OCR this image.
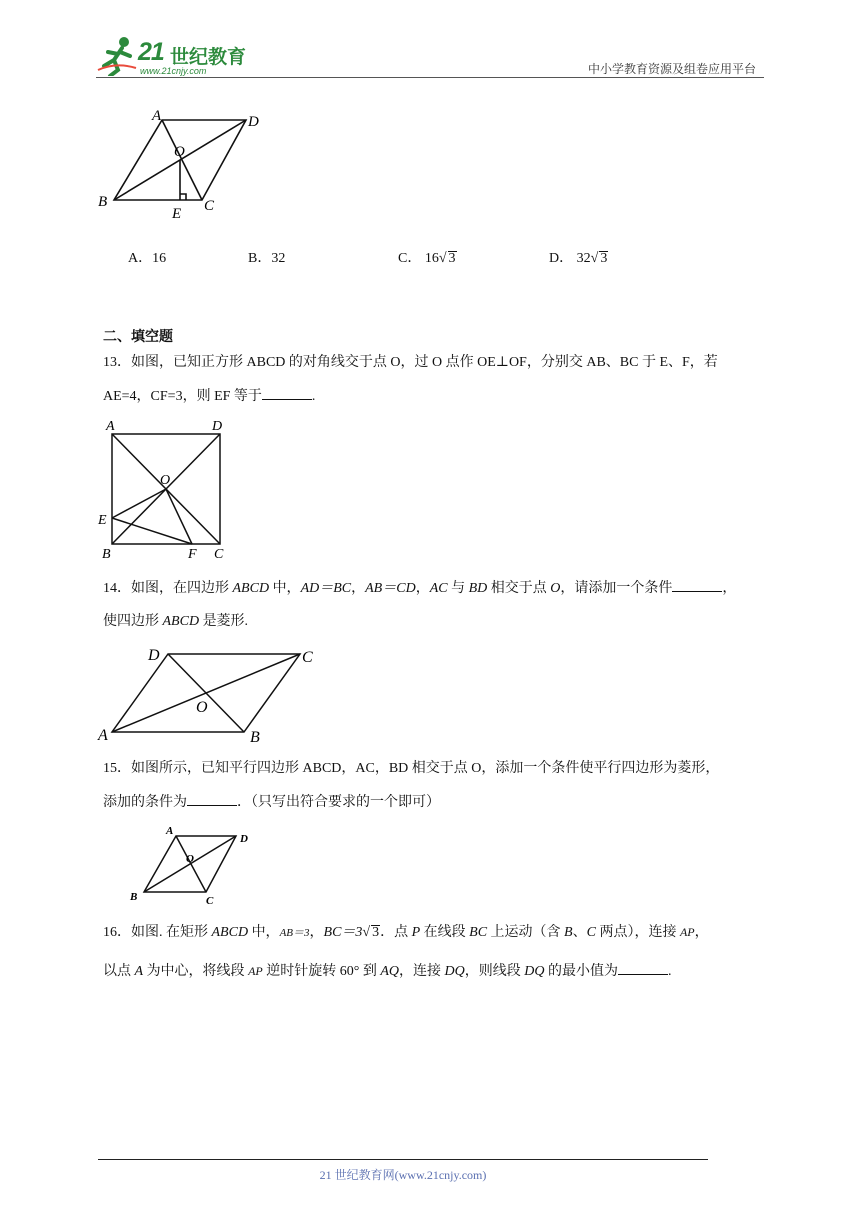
21 世纪教育
www.21cnjy.com	中小学教育资源及组卷应用平台
A	D
O
B
E C
A．16	B．32	C． 16√ 3	D． 32√ 3
二、填空题
13．如图，已知正方形 ABCD 的对角线交于点 O，过 O 点作 OE⊥OF，分别交 AB、BC 于 E、F，若
AE=4，CF=3，则 EF 等于	.
A	D
O
E
B	F C
14．如图，在四边形 ABCD 中，AD＝BC，AB＝CD，AC 与 BD 相交于点 O，请添加一个条件	，
使四边形 ABCD 是菱形.
D	C
O
A	B
15．如图所示，已知平行四边形 ABCD，AC，BD 相交于点 O，添加一个条件使平行四边形为菱形，
添加的条件为	．（只写出符合要求的一个即可）
A
D
O
B	C
16．如图. 在矩形 ABCD 中，AB＝3，BC＝3√ 3．点 P 在线段 BC 上运动（含 B、C 两点），连接 AP，
以点 A 为中心，将线段 AP 逆时针旋转 60° 到 AQ，连接 DQ，则线段 DQ 的最小值为	.
21 世纪教育网(www.21cnjy.com)
